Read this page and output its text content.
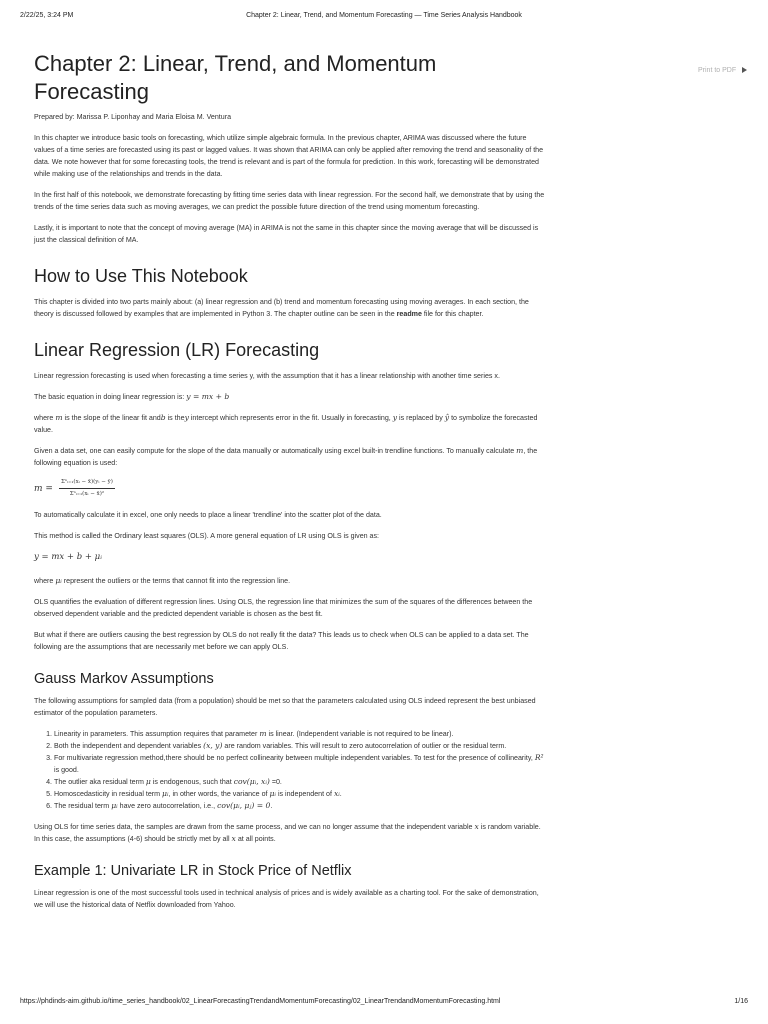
2/22/25, 3:24 PM	Chapter 2: Linear, Trend, and Momentum Forecasting — Time Series Analysis Handbook
Print to PDF
Chapter 2: Linear, Trend, and Momentum Forecasting

Prepared by: Marissa P. Liponhay and Maria Eloisa M. Ventura

In this chapter we introduce basic tools on forecasting, which utilize simple algebraic formula. In the previous chapter, ARIMA was discussed where the future values of a time series are forecasted using its past or lagged values. It was shown that ARIMA can only be applied after removing the trend and seasonality of the data. We note however that for some forecasting tools, the trend is relevant and is part of the formula for prediction. In this work, forecasting will be demonstrated while making use of the relationships and trends in the data.

In the first half of this notebook, we demonstrate forecasting by fitting time series data with linear regression. For the second half, we demonstrate that by using the trends of the time series data such as moving averages, we can predict the possible future direction of the trend using momentum forecasting.

Lastly, it is important to note that the concept of moving average (MA) in ARIMA is not the same in this chapter since the moving average that will be discussed is just the classical definition of MA.

How to Use This Notebook

This chapter is divided into two parts mainly about: (a) linear regression and (b) trend and momentum forecasting using moving averages. In each section, the theory is discussed followed by examples that are implemented in Python 3. The chapter outline can be seen in the readme file for this chapter.

Linear Regression (LR) Forecasting

Linear regression forecasting is used when forecasting a time series y, with the assumption that it has a linear relationship with another time series x.

The basic equation in doing linear regression is: y = mx + b

where m is the slope of the linear fit andb is they intercept which represents error in the fit. Usually in forecasting, y is replaced by ŷ to symbolize the forecasted value.

Given a data set, one can easily compute for the slope of the data manually or automatically using excel built-in trendline functions. To manually calculate m, the following equation is used:

$m = \frac{\text{Σⁿᵢ₌₁(xᵢ − x̄)(yᵢ − ȳ)}}{\text{Σⁿᵢ₌₁(xᵢ − x̄)²}}$

To automatically calculate it in excel, one only needs to place a linear 'trendline' into the scatter plot of the data.

This method is called the Ordinary least squares (OLS). A more general equation of LR using OLS is given as:

y = mx + b + μᵢ

where μᵢ represent the outliers or the terms that cannot fit into the regression line.

OLS quantifies the evaluation of different regression lines. Using OLS, the regression line that minimizes the sum of the squares of the differences between the observed dependent variable and the predicted dependent variable is chosen as the best fit.

But what if there are outliers causing the best regression by OLS do not really fit the data? This leads us to check when OLS can be applied to a data set. The following are the assumptions that are necessarily met before we can apply OLS.

Gauss Markov Assumptions

The following assumptions for sampled data (from a population) should be met so that the parameters calculated using OLS indeed represent the best unbiased estimator of the population parameters.

1. Linearity in parameters. This assumption requires that parameter m is linear. (Independent variable is not required to be linear).
2. Both the independent and dependent variables (x, y) are random variables. This will result to zero autocorrelation of outlier or the residual term.
3. For multivariate regression method,there should be no perfect collinearity between multiple independent variables. To test for the presence of collinearity, R² is good.
4. The outlier aka residual term μ is endogenous, such that cov(μᵢ, xᵢ) =0.
5. Homoscedasticity in residual term μᵢ, in other words, the variance of μᵢ is independent of xᵢ.
6. The residual term μᵢ have zero autocorrelation, i.e., cov(μᵢ, μⱼ) = 0.

Using OLS for time series data, the samples are drawn from the same process, and we can no longer assume that the independent variable x is random variable. In this case, the assumptions (4-6) should be strictly met by all x at all points.

Example 1: Univariate LR in Stock Price of Netflix

Linear regression is one of the most successful tools used in technical analysis of prices and is widely available as a charting tool. For the sake of demonstration, we will use the historical data of Netflix downloaded from Yahoo.

https://phdinds-aim.github.io/time_series_handbook/02_LinearForecastingTrendandMomentumForecasting/02_LinearTrendandMomentumForecasting.html	1/16
